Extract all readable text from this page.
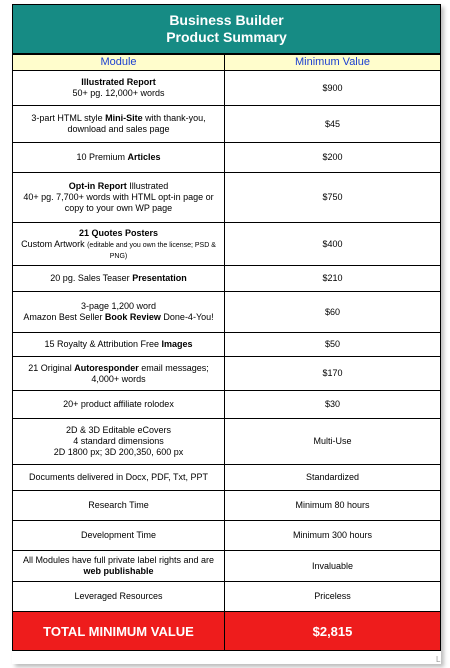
Business Builder
Product Summary
Module	Minimum Value
Illustrated Report
50+ pg. 12,000+ words	$900
3-part HTML style Mini-Site with thank-you, download and sales page	$45
10 Premium Articles	$200
Opt-in Report Illustrated
40+ pg. 7,700+ words with HTML opt-in page or copy to your own WP page	$750
21 Quotes Posters
Custom Artwork (editable and you own the license; PSD & PNG)	$400
20 pg. Sales Teaser Presentation	$210
3-page 1,200 word
Amazon Best Seller Book Review Done-4-You!	$60
15 Royalty & Attribution Free Images	$50
21 Original Autoresponder email messages; 4,000+ words	$170
20+ product affiliate rolodex	$30
2D & 3D Editable eCovers
4 standard dimensions
2D 1800 px; 3D 200,350, 600 px	Multi-Use
Documents delivered in Docx, PDF, Txt, PPT	Standardized
Research Time	Minimum 80 hours
Development Time	Minimum 300 hours
All Modules have full private label rights and are web publishable	Invaluable
Leveraged Resources	Priceless
TOTAL MINIMUM VALUE	$2,815
L
